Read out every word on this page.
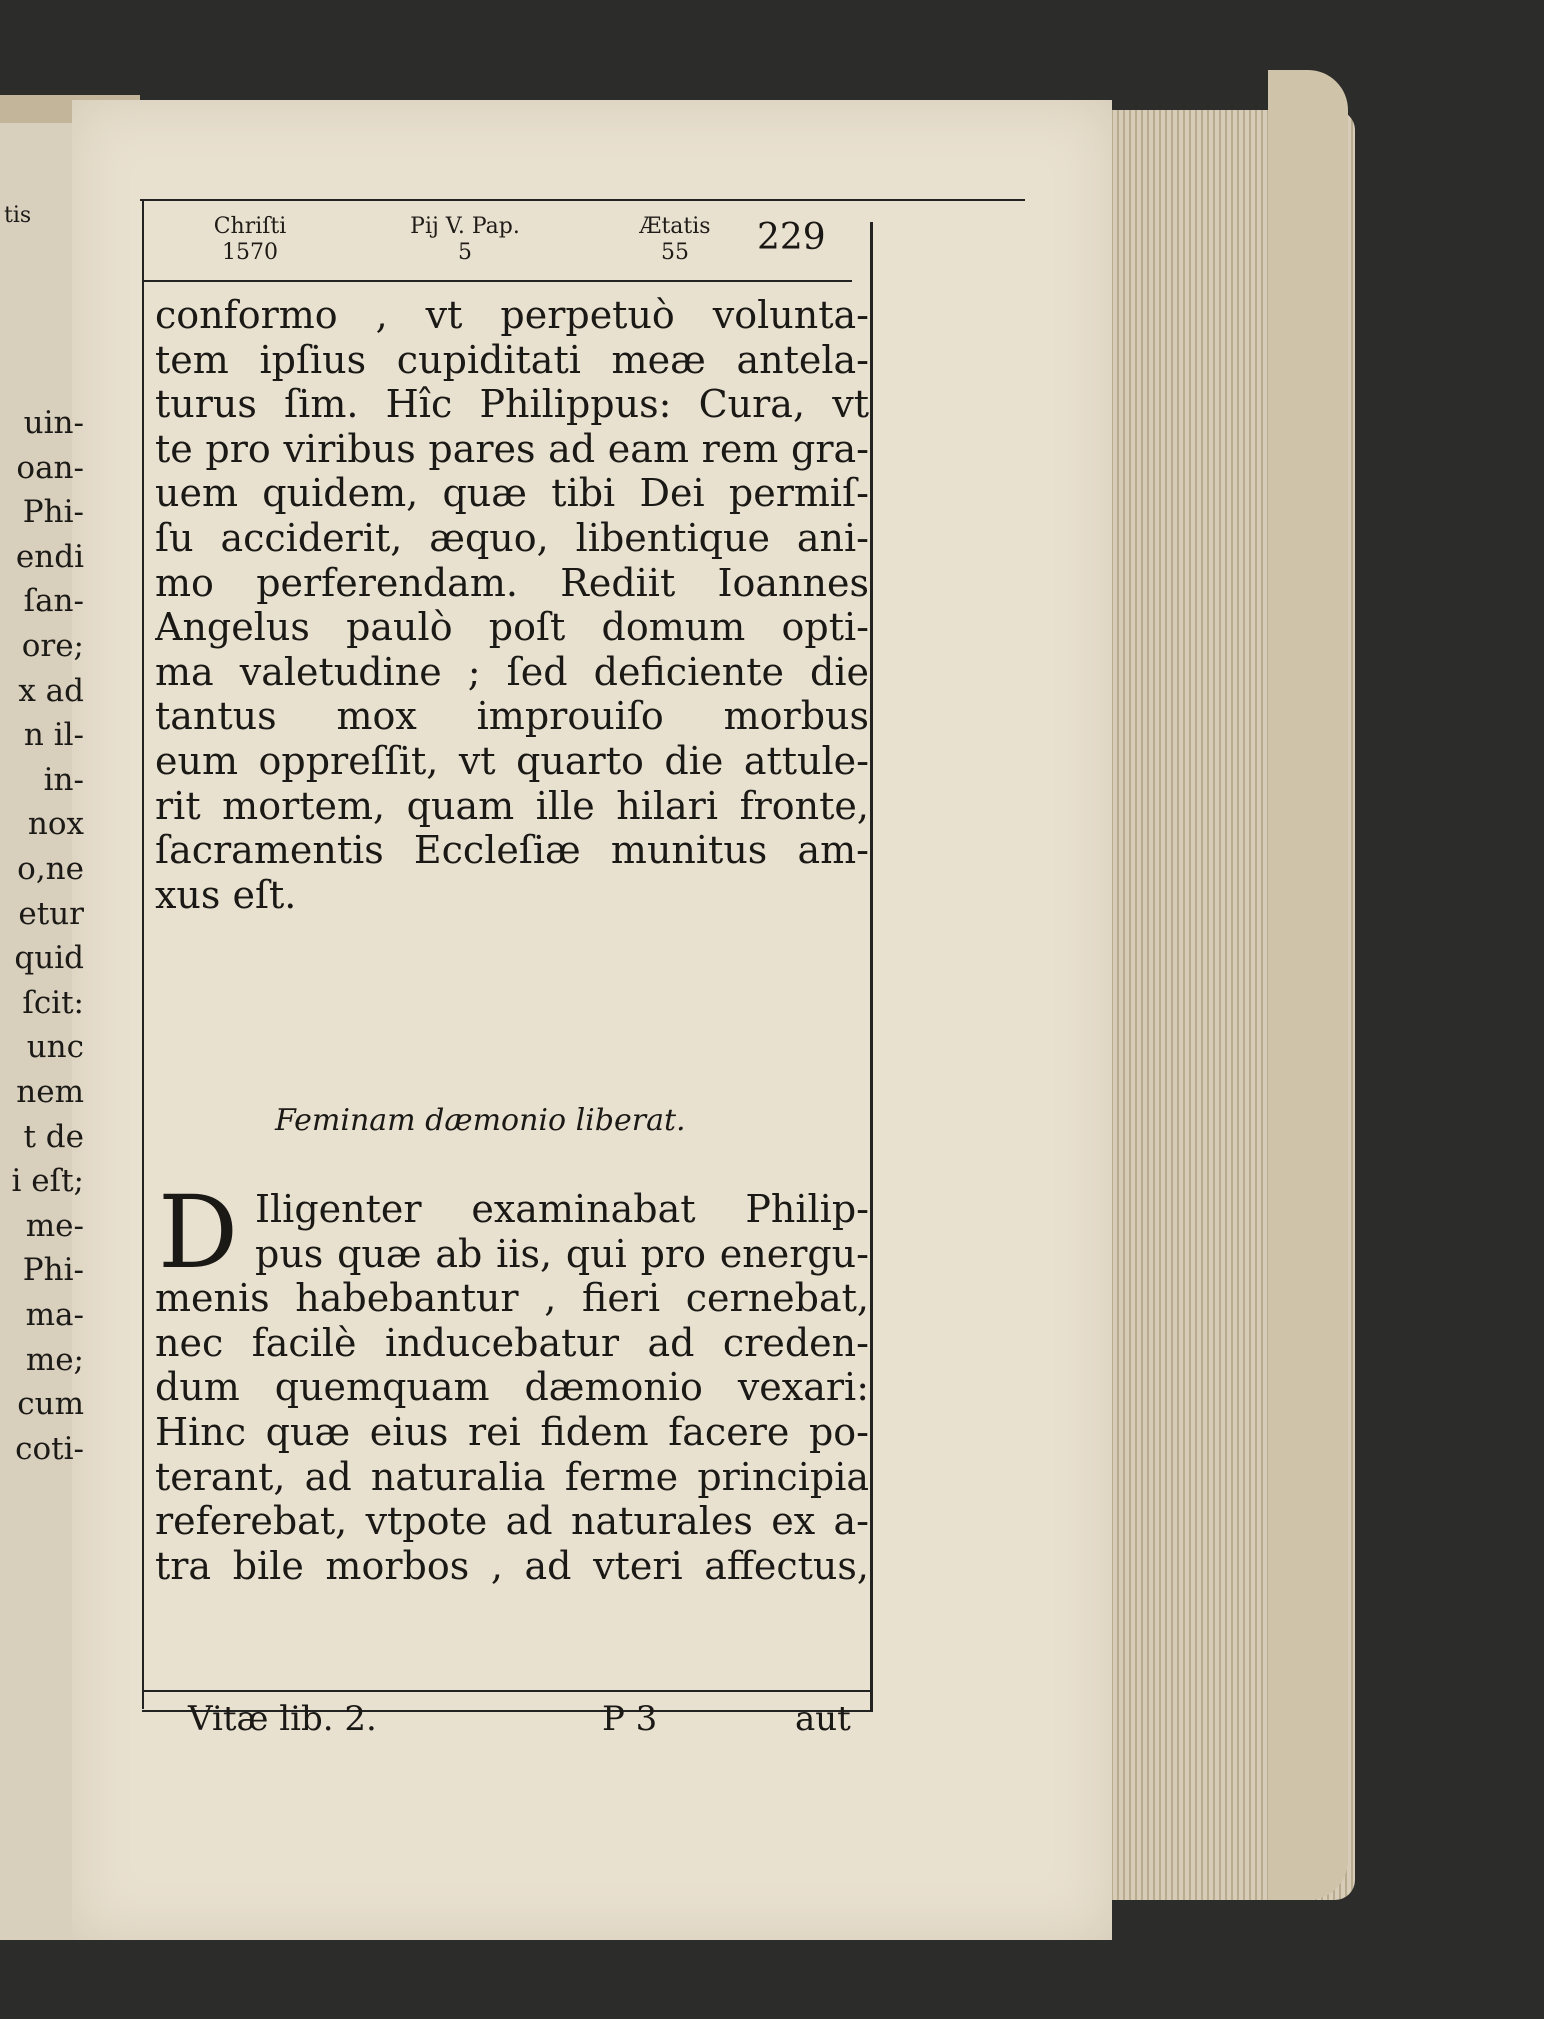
tis
uin-
oan-
Phi-
endi
ſan-
ore;
x ad
n il-
in-
nox
o,ne
etur
quid
ſcit:
unc
nem
t de
i eſt;
me-
Phi-
ma-
me;
cum
coti-
Chriſti
1570
Pij V. Pap.
5
Ætatis
55	229
conformo , vt perpetuò volunta-
tem ipſius cupiditati meæ antela-
turus ſim. Hîc Philippus: Cura, vt
te pro viribus pares ad eam rem gra-
uem quidem, quæ tibi Dei permiſ-
ſu acciderit, æquo, libentique ani-
mo perferendam. Rediit Ioannes
Angelus paulò poſt domum opti-
ma valetudine ; ſed deficiente die
tantus mox improuiſo morbus
eum oppreſſit, vt quarto die attule-
rit mortem, quam ille hilari fronte,
ſacramentis Eccleſiæ munitus am-
xus eſt.
Feminam dæmonio liberat.
D Iligenter examinabat Philip-
pus quæ ab iis, qui pro energu-
menis habebantur , fieri cernebat,
nec facilè inducebatur ad creden-
dum quemquam dæmonio vexari:
Hinc quæ eius rei fidem facere po-
terant, ad naturalia ferme principia
referebat, vtpote ad naturales ex a-
tra bile morbos , ad vteri affectus,
Vitæ lib. 2.	P 3	aut
